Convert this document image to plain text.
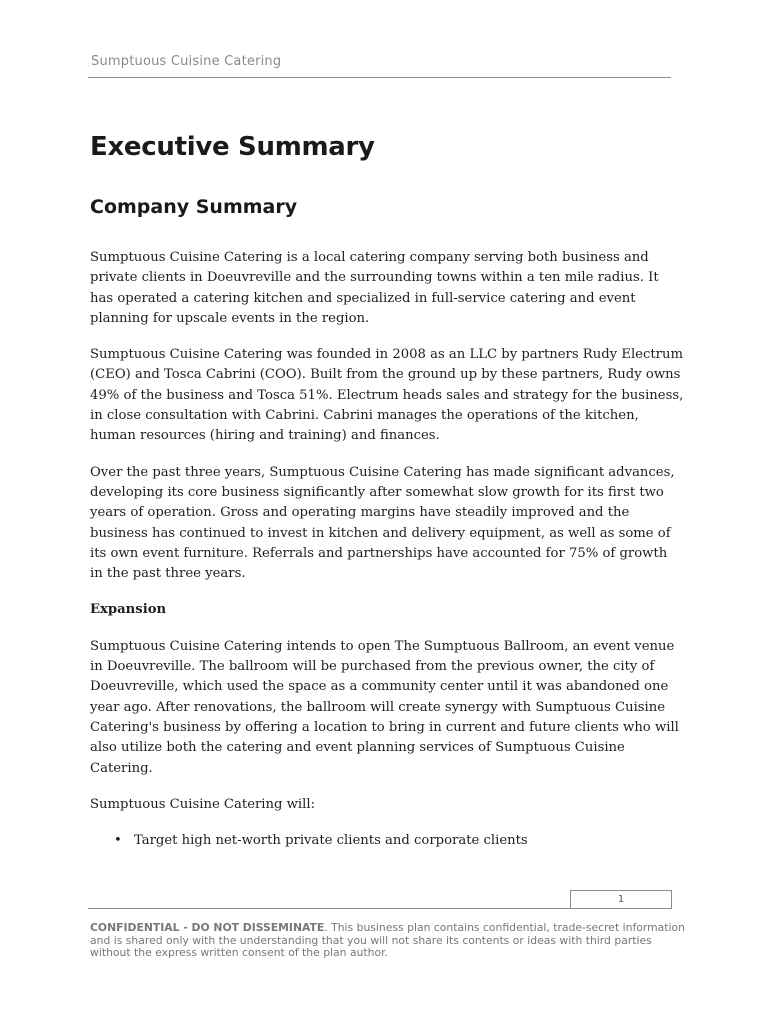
Sumptuous Cuisine Catering
Executive Summary
Company Summary

Sumptuous Cuisine Catering is a local catering company serving both business and private clients in Doeuvreville and the surrounding towns within a ten mile radius. It has operated a catering kitchen and specialized in full-service catering and event planning for upscale events in the region.

Sumptuous Cuisine Catering was founded in 2008 as an LLC by partners Rudy Electrum (CEO) and Tosca Cabrini (COO). Built from the ground up by these partners, Rudy owns 49% of the business and Tosca 51%. Electrum heads sales and strategy for the business, in close consultation with Cabrini. Cabrini manages the operations of the kitchen, human resources (hiring and training) and finances.

Over the past three years, Sumptuous Cuisine Catering has made significant advances, developing its core business significantly after somewhat slow growth for its first two years of operation. Gross and operating margins have steadily improved and the business has continued to invest in kitchen and delivery equipment, as well as some of its own event furniture. Referrals and partnerships have accounted for 75% of growth in the past three years.

Expansion

Sumptuous Cuisine Catering intends to open The Sumptuous Ballroom, an event venue in Doeuvreville. The ballroom will be purchased from the previous owner, the city of Doeuvreville, which used the space as a community center until it was abandoned one year ago. After renovations, the ballroom will create synergy with Sumptuous Cuisine Catering's business by offering a location to bring in current and future clients who will also utilize both the catering and event planning services of Sumptuous Cuisine Catering.

Sumptuous Cuisine Catering will:

• Target high net-worth private clients and corporate clients
1
CONFIDENTIAL - DO NOT DISSEMINATE. This business plan contains confidential, trade-secret information and is shared only with the understanding that you will not share its contents or ideas with third parties without the express written consent of the plan author.
